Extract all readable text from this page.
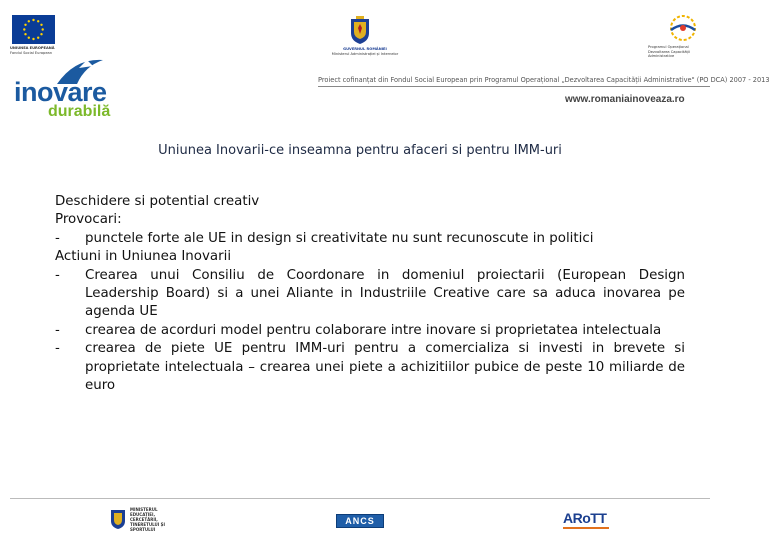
UNIUNEA EUROPEANĂ
Fondul Social European
GUVERNUL ROMÂNIEI
Ministerul Administrației și Internelor
Programul Operațional
Dezvoltarea Capacității
Administrative
inovare
durabilă
Proiect cofinanțat din Fondul Social European prin Programul Operațional „Dezvoltarea Capacității Administrative" (PO DCA) 2007 - 2013
www.romaniainoveaza.ro
Uniunea Inovarii-ce inseamna pentru afaceri si pentru IMM-uri

Deschidere si potential creativ

Provocari:

-	punctele forte ale UE in design si creativitate nu sunt recunoscute in politici

Actiuni in Uniunea Inovarii

-	Crearea unui Consiliu de Coordonare in domeniul proiectarii (European Design Leadership Board) si a unei Aliante in Industriile Creative care sa aduca inovarea pe agenda UE
-	crearea de acorduri model pentru colaborare intre inovare si proprietatea intelectuala
-	crearea de piete UE pentru IMM-uri pentru a comercializa si investi in brevete si proprietate intelectuala – crearea unei piete a achizitiilor pubice de peste 10 miliarde de euro
MINISTERUL EDUCAȚIEI, CERCETĂRII, TINERETULUI ȘI SPORTULUI
ANCS	ARoTT
